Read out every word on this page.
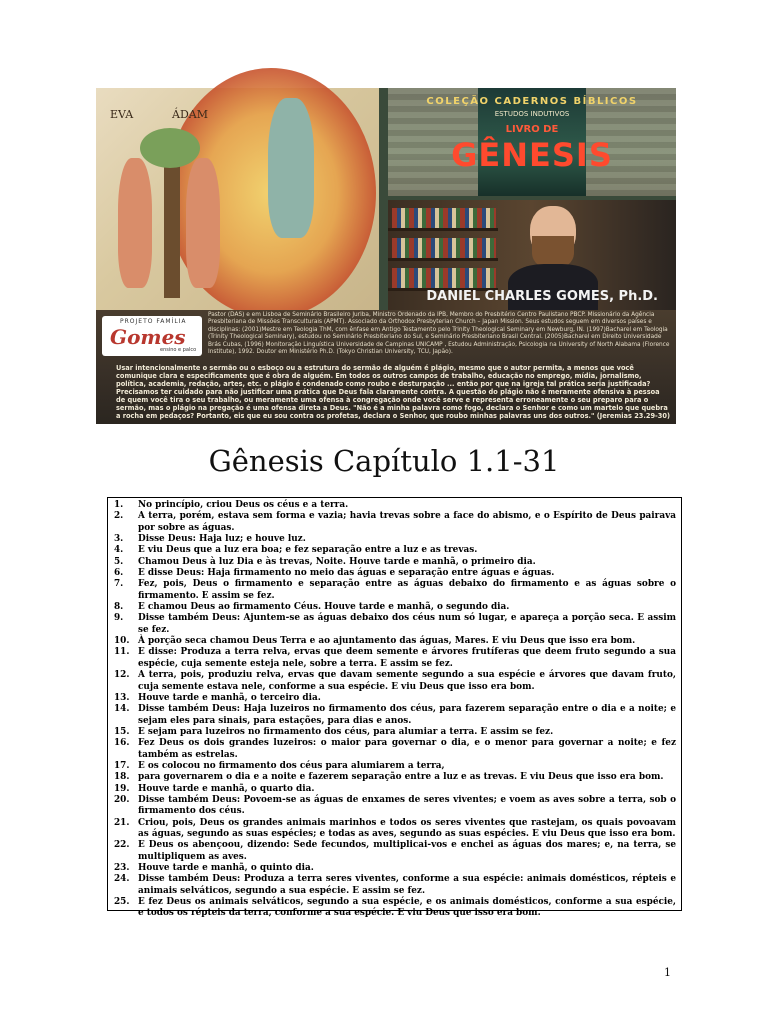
EVA	ÁDAM
COLEÇÃO CADERNOS BÍBLICOS
ESTUDOS INDUTIVOS
LIVRO DE
GÊNESIS
DANIEL CHARLES GOMES, Ph.D.
PROJETO FAMÍLIA
Gomes
ensino e palco
Pastor (DAS) e em Lisboa de Seminário Brasileiro Juriba, Ministro Ordenado da IPB, Membro do Presbitério Centro Paulistano PBCP. Missionário da Agência Presbiteriana de Missões Transculturais (APMT). Associado da Orthodox Presbyterian Church – Japan Mission. Seus estudos seguem em diversos países e disciplinas: (2001)Mestre em Teologia ThM, com ênfase em Antigo Testamento pelo Trinity Theological Seminary em Newburg, IN. (1997)Bacharel em Teologia (Trinity Theological Seminary), estudou no Seminário Presbiteriano do Sul, e Seminário Presbiteriano Brasil Central. (2005)Bacharel em Direito Universidade Brás Cubas, (1996) Monitoração Linguística Universidade de Campinas UNICAMP , Estudou Administração, Psicologia na University of North Alabama (Florence Institute), 1992. Doutor em Ministério Ph.D. (Tokyo Christian University, TCU, Japão).
Usar intencionalmente o sermão ou o esboço ou a estrutura do sermão de alguém é plágio, mesmo que o autor permita, a menos que você comunique clara e especificamente que é obra de alguém. Em todos os outros campos de trabalho, educação no emprego, mídia, jornalismo, política, academia, redação, artes, etc. o plágio é condenado como roubo e desturpação ... então por que na igreja tal prática seria justificada? Precisamos ter cuidado para não justificar uma prática que Deus fala claramente contra. A questão do plágio não é meramente ofensiva à pessoa de quem você tira o seu trabalho, ou meramente uma ofensa à congregação onde você serve e representa erroneamente o seu preparo para o sermão, mas o plágio na pregação é uma ofensa direta a Deus. "Não é a minha palavra como fogo, declara o Senhor e como um martelo que quebra a rocha em pedaços? Portanto, eis que eu sou contra os profetas, declara o Senhor, que roubo minhas palavras uns dos outros." (Jeremias 23.29-30)
Gênesis Capítulo 1.1-31
1.	No princípio, criou Deus os céus e a terra.
2.	A terra, porém, estava sem forma e vazia; havia trevas sobre a face do abismo, e o Espírito de Deus pairava por sobre as águas.
3.	Disse Deus: Haja luz; e houve luz.
4.	E viu Deus que a luz era boa; e fez separação entre a luz e as trevas.
5.	Chamou Deus à luz Dia e às trevas, Noite. Houve tarde e manhã, o primeiro dia.
6.	E disse Deus: Haja firmamento no meio das águas e separação entre águas e águas.
7.	Fez, pois, Deus o firmamento e separação entre as águas debaixo do firmamento e as águas sobre o firmamento. E assim se fez.
8.	E chamou Deus ao firmamento Céus. Houve tarde e manhã, o segundo dia.
9.	Disse também Deus: Ajuntem-se as águas debaixo dos céus num só lugar, e apareça a porção seca. E assim se fez.
10. À porção seca chamou Deus Terra e ao ajuntamento das águas, Mares. E viu Deus que isso era bom.
11. E disse: Produza a terra relva, ervas que deem semente e árvores frutíferas que deem fruto segundo a sua espécie, cuja semente esteja nele, sobre a terra. E assim se fez.
12. A terra, pois, produziu relva, ervas que davam semente segundo a sua espécie e árvores que davam fruto, cuja semente estava nele, conforme a sua espécie. E viu Deus que isso era bom.
13. Houve tarde e manhã, o terceiro dia.
14. Disse também Deus: Haja luzeiros no firmamento dos céus, para fazerem separação entre o dia e a noite; e sejam eles para sinais, para estações, para dias e anos.
15. E sejam para luzeiros no firmamento dos céus, para alumiar a terra. E assim se fez.
16. Fez Deus os dois grandes luzeiros: o maior para governar o dia, e o menor para governar a noite; e fez também as estrelas.
17. E os colocou no firmamento dos céus para alumiarem a terra,
18. para governarem o dia e a noite e fazerem separação entre a luz e as trevas. E viu Deus que isso era bom.
19. Houve tarde e manhã, o quarto dia.
20. Disse também Deus: Povoem-se as águas de enxames de seres viventes; e voem as aves sobre a terra, sob o firmamento dos céus.
21. Criou, pois, Deus os grandes animais marinhos e todos os seres viventes que rastejam, os quais povoavam as águas, segundo as suas espécies; e todas as aves, segundo as suas espécies. E viu Deus que isso era bom.
22. E Deus os abençoou, dizendo: Sede fecundos, multiplicai-vos e enchei as águas dos mares; e, na terra, se multipliquem as aves.
23. Houve tarde e manhã, o quinto dia.
24. Disse também Deus: Produza a terra seres viventes, conforme a sua espécie: animais domésticos, répteis e animais selváticos, segundo a sua espécie. E assim se fez.
25. E fez Deus os animais selváticos, segundo a sua espécie, e os animais domésticos, conforme a sua espécie, e todos os répteis da terra, conforme a sua espécie. E viu Deus que isso era bom.
1
